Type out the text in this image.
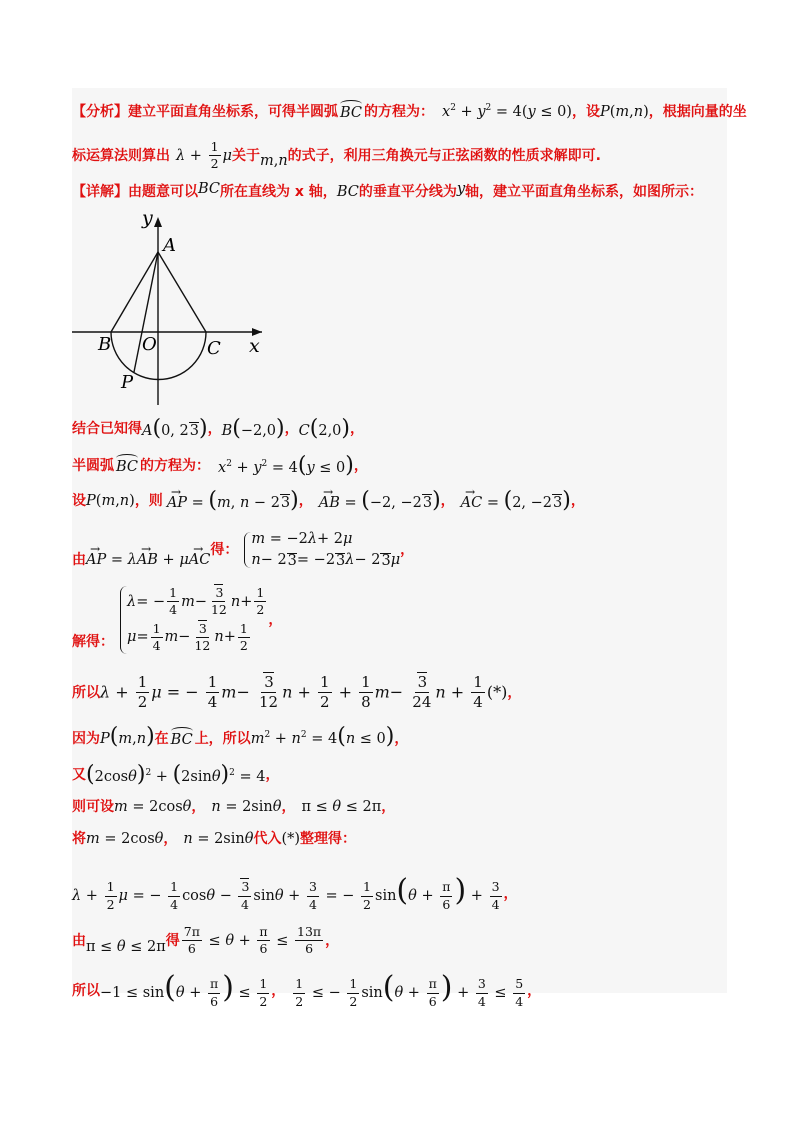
【分析】 建立平面直角坐标系，可得半圆弧 BC 的方程为： $x^2 + y^2 = 4(y \le 0)$ ，设 P(m,n) ，根据向量的坐
标运算法则算出 $\lambda + \frac{1}{2}$ μ 关于 m,n 的式子，利用三角换元与正弦函数的性质求解即可.
【详解】 由题意可以 BC 所在直线为 x 轴， BC 的垂直平分线为 y 轴，建立平面直角坐标系，如图所示：
y
A
B O	C x
P
结合已知得 A(0, 23) ， B(−2,0) ， C(2,0) ，
半圆弧 BC 的方程为： $x^2 + y^2 = 4(y \le 0)$ ，
设 P(m,n) ，则 AP → = (m, n − 23) ， AB → = (−2, −23) ， AC → = (2, −23) ，
由 AP → = λAB → + μAC →
得：
m = −2 λ + 2 μ
n − 2 3 = −2 3 λ − 2 3 μ
，
解得：
λ = − $\frac{1}{4}$ $m - \frac{3}{12}$ $n + \frac{1}{2}$
$\mu = \frac{1}{4}$ $m - \frac{3}{12}$ $n + \frac{1}{2}$
，
所以 $\lambda + \frac{1}{2}$ μ = − $\frac{1}{4} m- \frac{3}{12}$ $n + \frac{1}{2} + \frac{1}{8} m- \frac{3}{24}$ $n + \frac{1}{4}$ (*) ，
因为 P(m,n) 在 BC 上，所以 $m^2 + n^2 = 4(n \le 0)$ ，
又 $(2\cos\theta)^2 + (2\sin\theta)^2 = 4$ ，
则可设 m = 2cosθ ， n = 2sinθ ， π ≤ θ ≤ 2π ，
将 m = 2cosθ ， n = 2sinθ 代入 (*) 整理得：
$\lambda + \frac{1}{2}$ μ = − $\frac{1}{4}$ $\cos\theta - \frac{3}{4}$ $\sin\theta + \frac{3}{4}$ = − $\frac{1}{2} \sin(\theta + \frac{\pi}{6}$ ) + $\frac{3}{4}$ ，
由 π ≤ θ ≤ 2π 得 $\frac{7\pi}{6} \le \theta + \frac{\pi}{6} \le \frac{13\pi}{6}$ ，
所以 $-1 \le \sin(\theta + \frac{\pi}{6}$ ) ≤ $\frac{1}{2}$ ， $\frac{1}{2}$ ≤ − $\frac{1}{2} \sin(\theta + \frac{\pi}{6}$ ) + $\frac{3}{4} \le \frac{5}{4}$ ，
